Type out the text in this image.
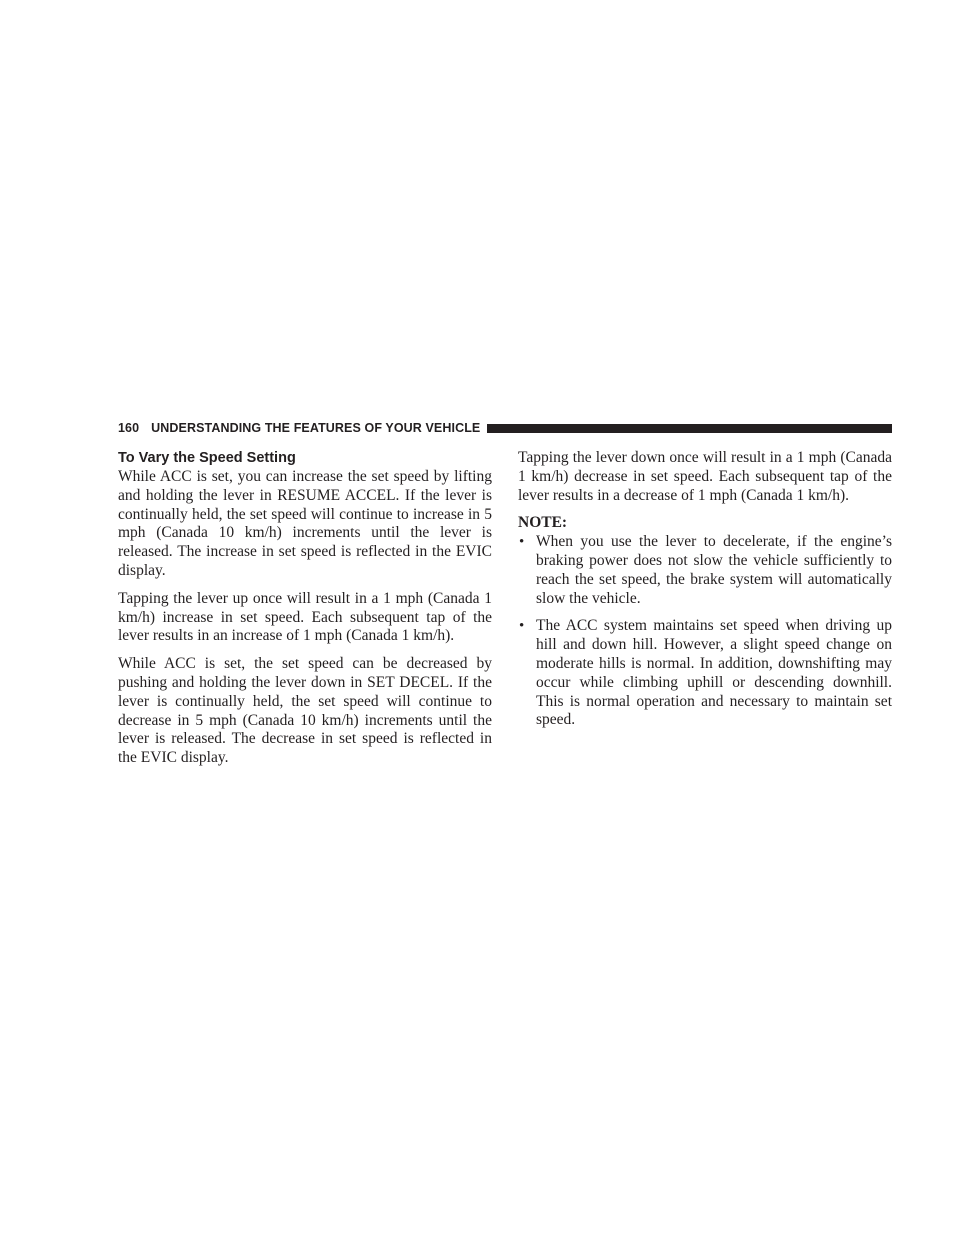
160 UNDERSTANDING THE FEATURES OF YOUR VEHICLE
To Vary the Speed Setting

While ACC is set, you can increase the set speed by lifting and holding the lever in RESUME ACCEL. If the lever is continually held, the set speed will continue to increase in 5 mph (Canada 10 km/h) increments until the lever is released. The increase in set speed is reflected in the EVIC display.

Tapping the lever up once will result in a 1 mph (Canada 1 km/h) increase in set speed. Each subsequent tap of the lever results in an increase of 1 mph (Canada 1 km/h).

While ACC is set, the set speed can be decreased by pushing and holding the lever down in SET DECEL. If the lever is continually held, the set speed will continue to decrease in 5 mph (Canada 10 km/h) increments until the lever is released. The decrease in set speed is reflected in the EVIC display.

Tapping the lever down once will result in a 1 mph (Canada 1 km/h) decrease in set speed. Each subsequent tap of the lever results in a decrease of 1 mph (Canada 1 km/h).

NOTE:
• When you use the lever to decelerate, if the engine’s braking power does not slow the vehicle sufficiently to reach the set speed, the brake system will automatically slow the vehicle.
• The ACC system maintains set speed when driving up hill and down hill. However, a slight speed change on moderate hills is normal. In addition, downshifting may occur while climbing uphill or descending downhill. This is normal operation and necessary to maintain set speed.
